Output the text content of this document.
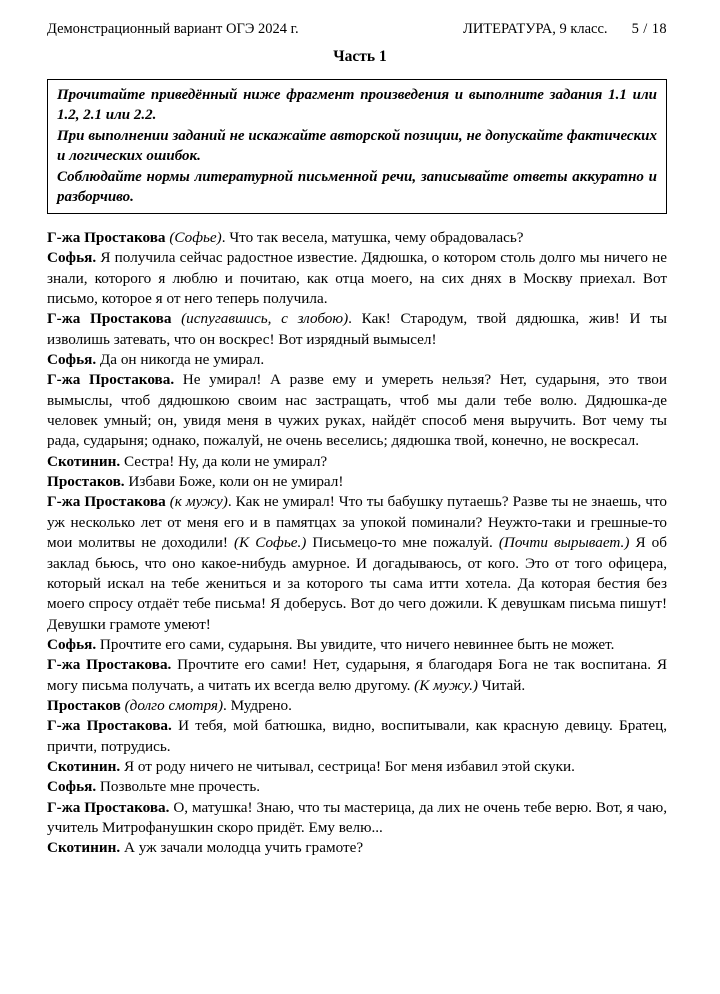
Демонстрационный вариант ОГЭ 2024 г.	ЛИТЕРАТУРА, 9 класс. 5 / 18
Часть 1

Прочитайте приведённый ниже фрагмент произведения и выполните задания 1.1 или 1.2, 2.1 или 2.2.

При выполнении заданий не искажайте авторской позиции, не допускайте фактических и логических ошибок.

Соблюдайте нормы литературной письменной речи, записывайте ответы аккуратно и разборчиво.

Г-жа Простакова (Софье). Что так весела, матушка, чему обрадовалась?

Софья. Я получила сейчас радостное известие. Дядюшка, о котором столь долго мы ничего не знали, которого я люблю и почитаю, как отца моего, на сих днях в Москву приехал. Вот письмо, которое я от него теперь получила.

Г-жа Простакова (испугавшись, с злобою). Как! Стародум, твой дядюшка, жив! И ты изволишь затевать, что он воскрес! Вот изрядный вымысел!

Софья. Да он никогда не умирал.

Г-жа Простакова. Не умирал! А разве ему и умереть нельзя? Нет, сударыня, это твои вымыслы, чтоб дядюшкою своим нас застращать, чтоб мы дали тебе волю. Дядюшка-де человек умный; он, увидя меня в чужих руках, найдёт способ меня выручить. Вот чему ты рада, сударыня; однако, пожалуй, не очень веселись; дядюшка твой, конечно, не воскресал.

Скотинин. Сестра! Ну, да коли не умирал?

Простаков. Избави Боже, коли он не умирал!

Г-жа Простакова (к мужу). Как не умирал! Что ты бабушку путаешь? Разве ты не знаешь, что уж несколько лет от меня его и в памятцах за упокой поминали? Неужто-таки и грешные-то мои молитвы не доходили! (К Софье.) Письмецо-то мне пожалуй. (Почти вырывает.) Я об заклад бьюсь, что оно какое-нибудь амурное. И догадываюсь, от кого. Это от того офицера, который искал на тебе жениться и за которого ты сама итти хотела. Да которая бестия без моего спросу отдаёт тебе письма! Я доберусь. Вот до чего дожили. К девушкам письма пишут! Девушки грамоте умеют!

Софья. Прочтите его сами, сударыня. Вы увидите, что ничего невиннее быть не может.

Г-жа Простакова. Прочтите его сами! Нет, сударыня, я благодаря Бога не так воспитана. Я могу письма получать, а читать их всегда велю другому. (К мужу.) Читай.

Простаков (долго смотря). Мудрено.

Г-жа Простакова. И тебя, мой батюшка, видно, воспитывали, как красную девицу. Братец, причти, потрудись.

Скотинин. Я от роду ничего не читывал, сестрица! Бог меня избавил этой скуки.

Софья. Позвольте мне прочесть.

Г-жа Простакова. О, матушка! Знаю, что ты мастерица, да лих не очень тебе верю. Вот, я чаю, учитель Митрофанушкин скоро придёт. Ему велю...

Скотинин. А уж зачали молодца учить грамоте?
